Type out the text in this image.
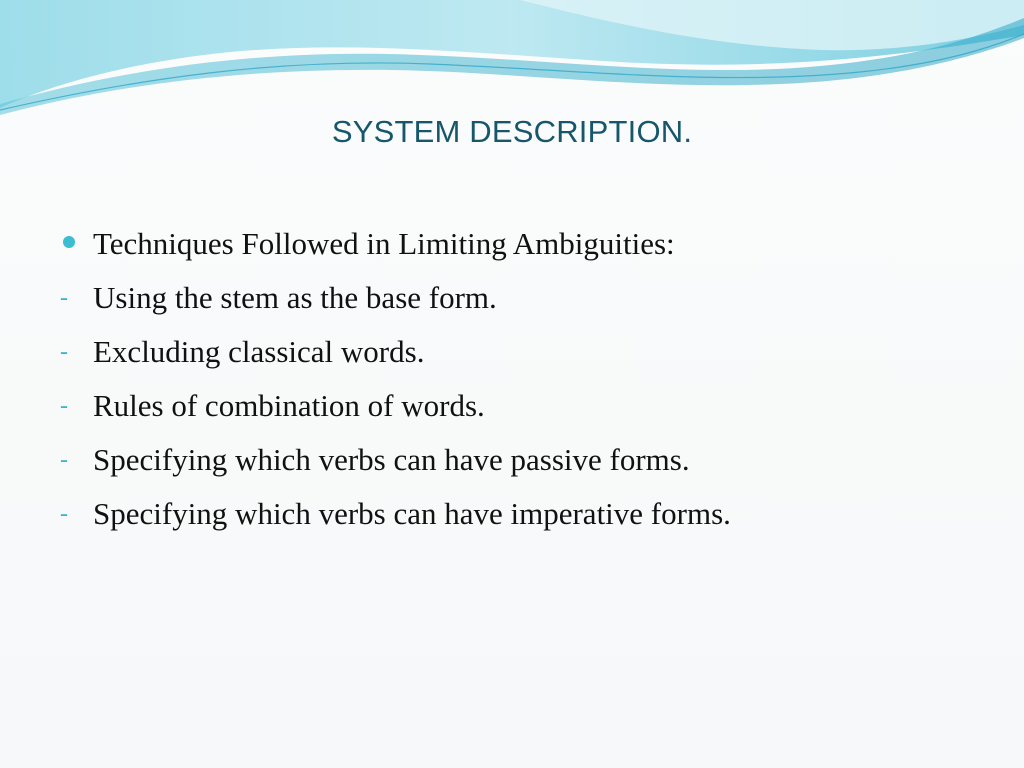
SYSTEM DESCRIPTION.
Techniques Followed in Limiting Ambiguities:
- Using the stem as the base form.
- Excluding classical words.
- Rules of combination of words.
- Specifying which verbs can have passive forms.
- Specifying which verbs can have imperative forms.
